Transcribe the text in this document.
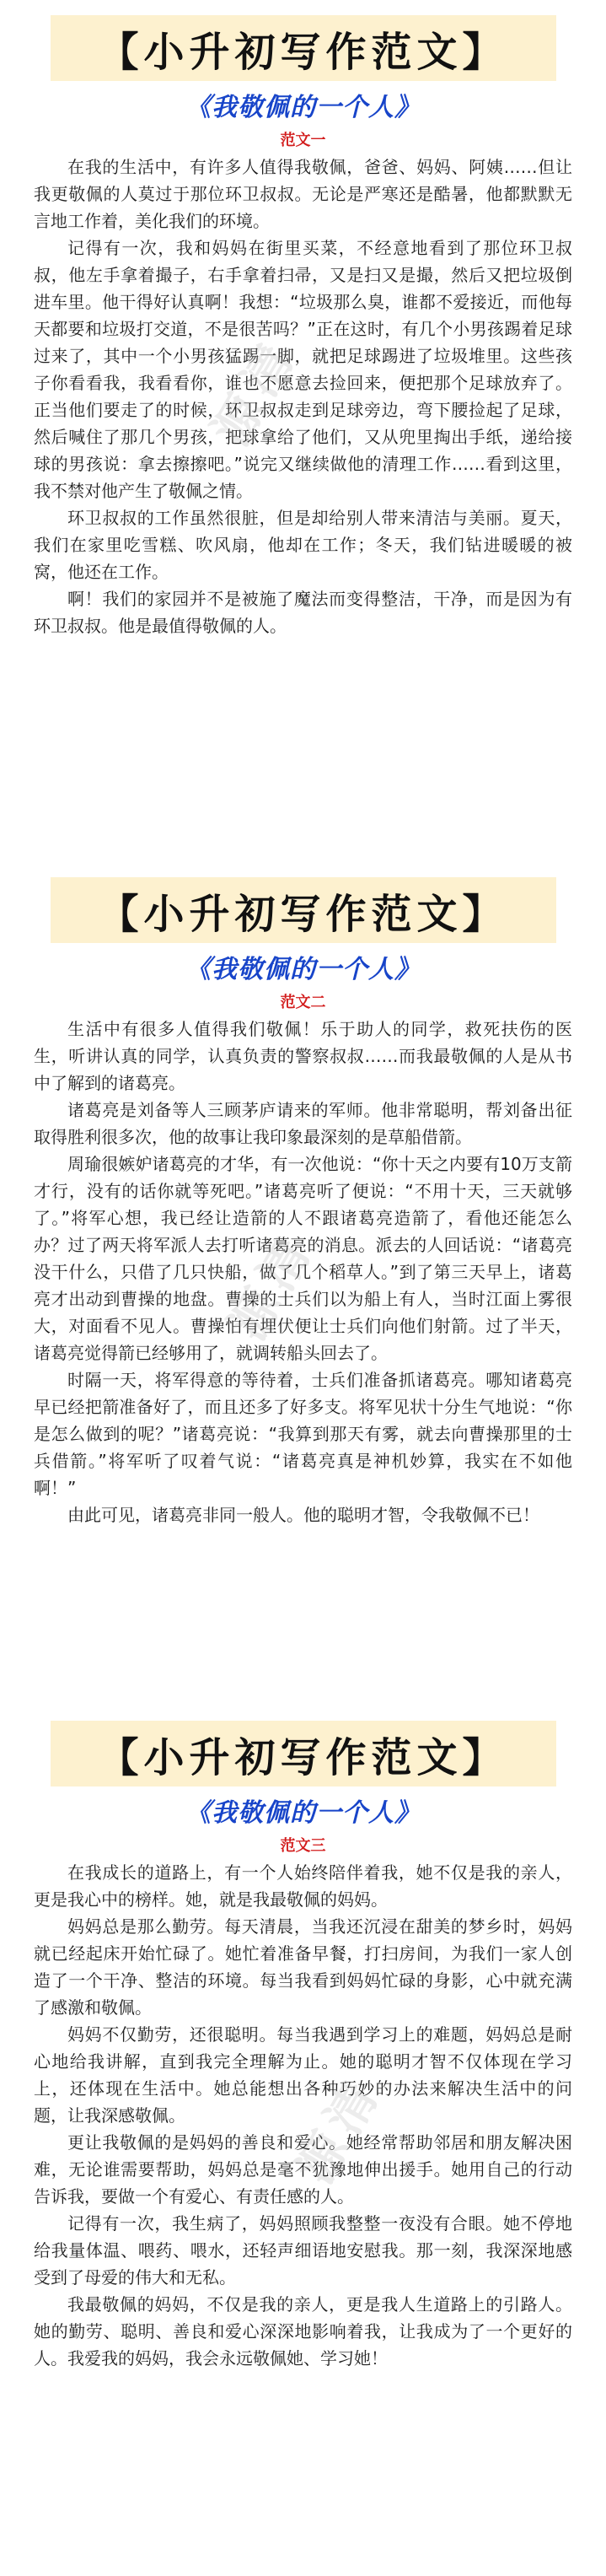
【小升初写作范文】
《我敬佩的一个人》
范文一

在我的生活中，有许多人值得我敬佩，爸爸、妈妈、阿姨……但让我更敬佩的人莫过于那位环卫叔叔。无论是严寒还是酷暑，他都默默无言地工作着，美化我们的环境。

记得有一次，我和妈妈在街里买菜，不经意地看到了那位环卫叔叔，他左手拿着撮子，右手拿着扫帚，又是扫又是撮，然后又把垃圾倒进车里。他干得好认真啊！我想：“垃圾那么臭，谁都不爱接近，而他每天都要和垃圾打交道，不是很苦吗？”正在这时，有几个小男孩踢着足球过来了，其中一个小男孩猛踢一脚，就把足球踢进了垃圾堆里。这些孩子你看看我，我看看你，谁也不愿意去捡回来，便把那个足球放弃了。正当他们要走了的时候，环卫叔叔走到足球旁边，弯下腰捡起了足球，然后喊住了那几个男孩，把球拿给了他们，又从兜里掏出手纸，递给接球的男孩说：拿去擦擦吧。”说完又继续做他的清理工作……看到这里，我不禁对他产生了敬佩之情。

环卫叔叔的工作虽然很脏，但是却给别人带来清洁与美丽。夏天，我们在家里吃雪糕、吹风扇，他却在工作；冬天，我们钻进暖暖的被窝，他还在工作。

啊！我们的家园并不是被施了魔法而变得整洁，干净，而是因为有环卫叔叔。他是最值得敬佩的人。

【小升初写作范文】
《我敬佩的一个人》
范文二

生活中有很多人值得我们敬佩！乐于助人的同学，救死扶伤的医生，听讲认真的同学，认真负责的警察叔叔……而我最敬佩的人是从书中了解到的诸葛亮。

诸葛亮是刘备等人三顾茅庐请来的军师。他非常聪明，帮刘备出征取得胜利很多次，他的故事让我印象最深刻的是草船借箭。

周瑜很嫉妒诸葛亮的才华，有一次他说：“你十天之内要有10万支箭才行，没有的话你就等死吧。”诸葛亮听了便说：“不用十天，三天就够了。”将军心想，我已经让造箭的人不跟诸葛亮造箭了，看他还能怎么办？过了两天将军派人去打听诸葛亮的消息。派去的人回话说：“诸葛亮没干什么，只借了几只快船，做了几个稻草人。”到了第三天早上，诸葛亮才出动到曹操的地盘。曹操的士兵们以为船上有人，当时江面上雾很大，对面看不见人。曹操怕有埋伏便让士兵们向他们射箭。过了半天，诸葛亮觉得箭已经够用了，就调转船头回去了。

时隔一天，将军得意的等待着，士兵们准备抓诸葛亮。哪知诸葛亮早已经把箭准备好了，而且还多了好多支。将军见状十分生气地说：“你是怎么做到的呢？”诸葛亮说：“我算到那天有雾，就去向曹操那里的士兵借箭。”将军听了叹着气说：“诸葛亮真是神机妙算，我实在不如他啊！”

由此可见，诸葛亮非同一般人。他的聪明才智，令我敬佩不已！

【小升初写作范文】
《我敬佩的一个人》
范文三

在我成长的道路上，有一个人始终陪伴着我，她不仅是我的亲人，更是我心中的榜样。她，就是我最敬佩的妈妈。

妈妈总是那么勤劳。每天清晨，当我还沉浸在甜美的梦乡时，妈妈就已经起床开始忙碌了。她忙着准备早餐，打扫房间，为我们一家人创造了一个干净、整洁的环境。每当我看到妈妈忙碌的身影，心中就充满了感激和敬佩。

妈妈不仅勤劳，还很聪明。每当我遇到学习上的难题，妈妈总是耐心地给我讲解，直到我完全理解为止。她的聪明才智不仅体现在学习上，还体现在生活中。她总能想出各种巧妙的办法来解决生活中的问题，让我深感敬佩。

更让我敬佩的是妈妈的善良和爱心。她经常帮助邻居和朋友解决困难，无论谁需要帮助，妈妈总是毫不犹豫地伸出援手。她用自己的行动告诉我，要做一个有爱心、有责任感的人。

记得有一次，我生病了，妈妈照顾我整整一夜没有合眼。她不停地给我量体温、喂药、喂水，还轻声细语地安慰我。那一刻，我深深地感受到了母爱的伟大和无私。

我最敬佩的妈妈，不仅是我的亲人，更是我人生道路上的引路人。她的勤劳、聪明、善良和爱心深深地影响着我，让我成为了一个更好的人。我爱我的妈妈，我会永远敬佩她、学习她！

源清
源清
源清
